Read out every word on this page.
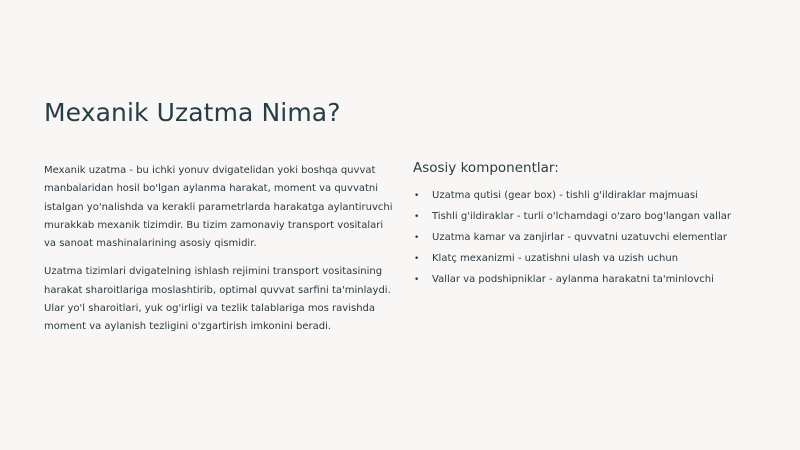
Mexanik Uzatma Nima?

Mexanik uzatma - bu ichki yonuv dvigatelidan yoki boshqa quvvat manbalaridan hosil bo'lgan aylanma harakat, moment va quvvatni istalgan yo'nalishda va kerakli parametrlarda harakatga aylantiruvchi murakkab mexanik tizimdir. Bu tizim zamonaviy transport vositalari va sanoat mashinalarining asosiy qismidir.

Uzatma tizimlari dvigatelning ishlash rejimini transport vositasining harakat sharoitlariga moslashtirib, optimal quvvat sarfini ta'minlaydi. Ular yo'l sharoitlari, yuk og'irligi va tezlik talablariga mos ravishda moment va aylanish tezligini o'zgartirish imkonini beradi.

Asosiy komponentlar:
• Uzatma qutisi (gear box) - tishli g'ildiraklar majmuasi
• Tishli g'ildiraklar - turli o'lchamdagi o'zaro bog'langan vallar
• Uzatma kamar va zanjirlar - quvvatni uzatuvchi elementlar
• Klatç mexanizmi - uzatishni ulash va uzish uchun
• Vallar va podshipniklar - aylanma harakatni ta'minlovchi
